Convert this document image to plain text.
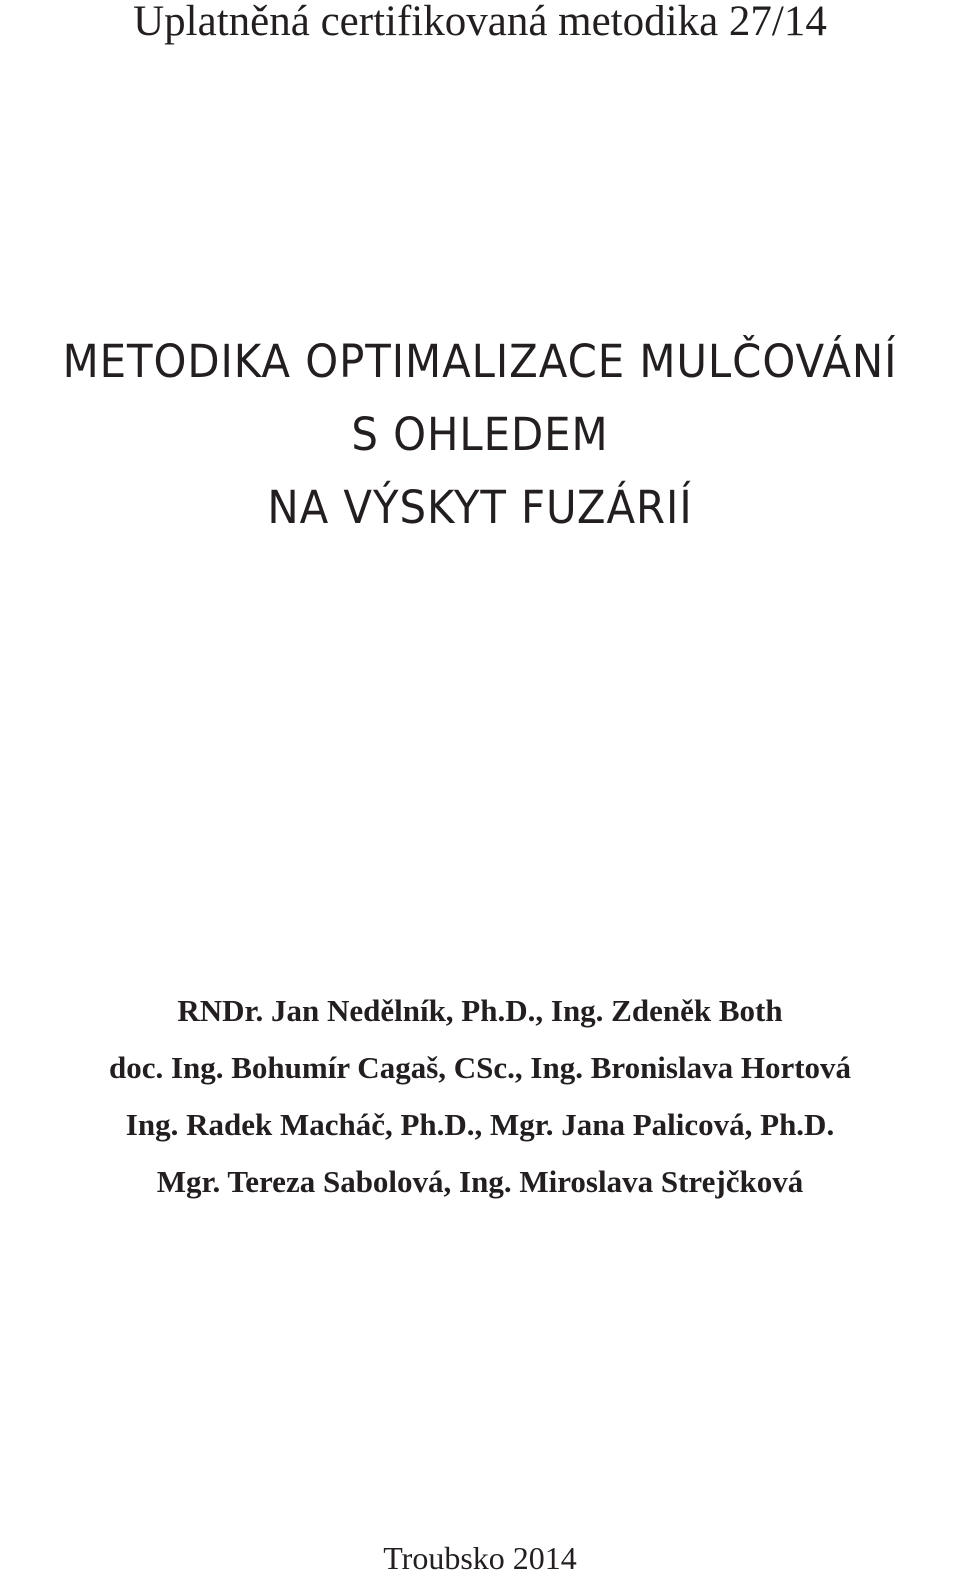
Uplatněná certifikovaná metodika 27/14
METODIKA OPTIMALIZACE MULČOVÁNÍ
S OHLEDEM
NA VÝSKYT FUZÁRIÍ
RNDr. Jan Nedělník, Ph.D., Ing. Zdeněk Both
doc. Ing. Bohumír Cagaš, CSc., Ing. Bronislava Hortová
Ing. Radek Macháč, Ph.D., Mgr. Jana Palicová, Ph.D.
Mgr. Tereza Sabolová, Ing. Miroslava Strejčková
Troubsko 2014
